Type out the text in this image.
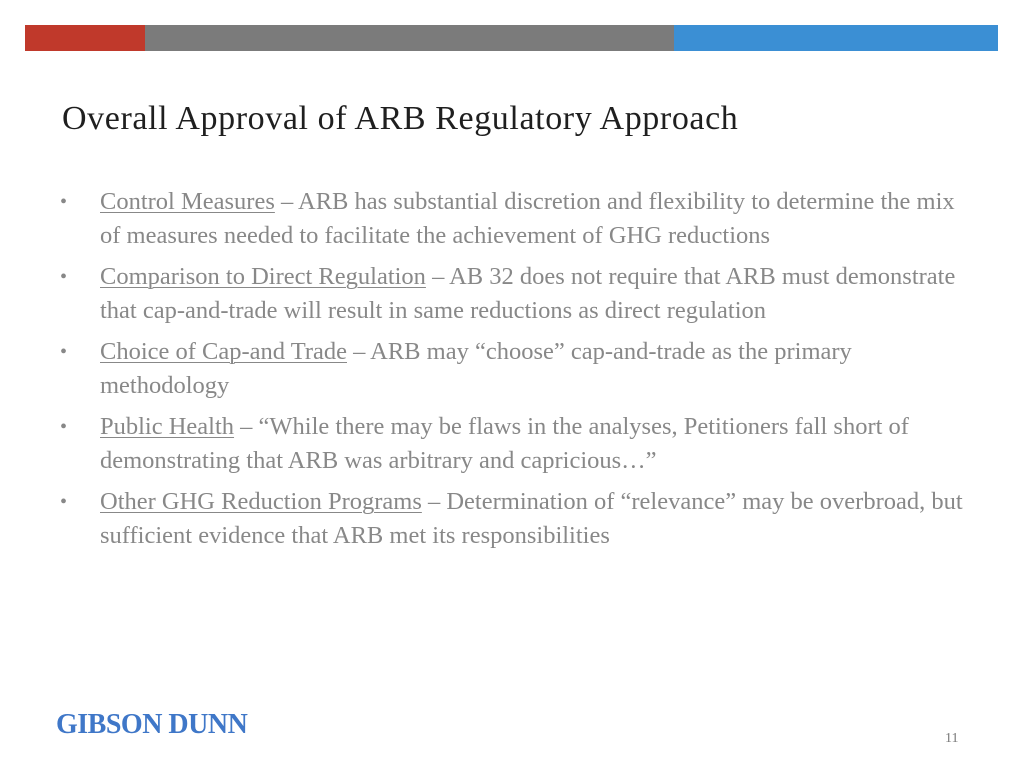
Overall Approval of ARB Regulatory Approach
• Control Measures – ARB has substantial discretion and flexibility to determine the mix of measures needed to facilitate the achievement of GHG reductions
• Comparison to Direct Regulation – AB 32 does not require that ARB must demonstrate that cap-and-trade will result in same reductions as direct regulation
• Choice of Cap-and Trade – ARB may “choose” cap-and-trade as the primary methodology
• Public Health – “While there may be flaws in the analyses, Petitioners fall short of demonstrating that ARB was arbitrary and capricious…”
• Other GHG Reduction Programs – Determination of “relevance” may be overbroad, but sufficient evidence that ARB met its responsibilities
GIBSON DUNN	11
